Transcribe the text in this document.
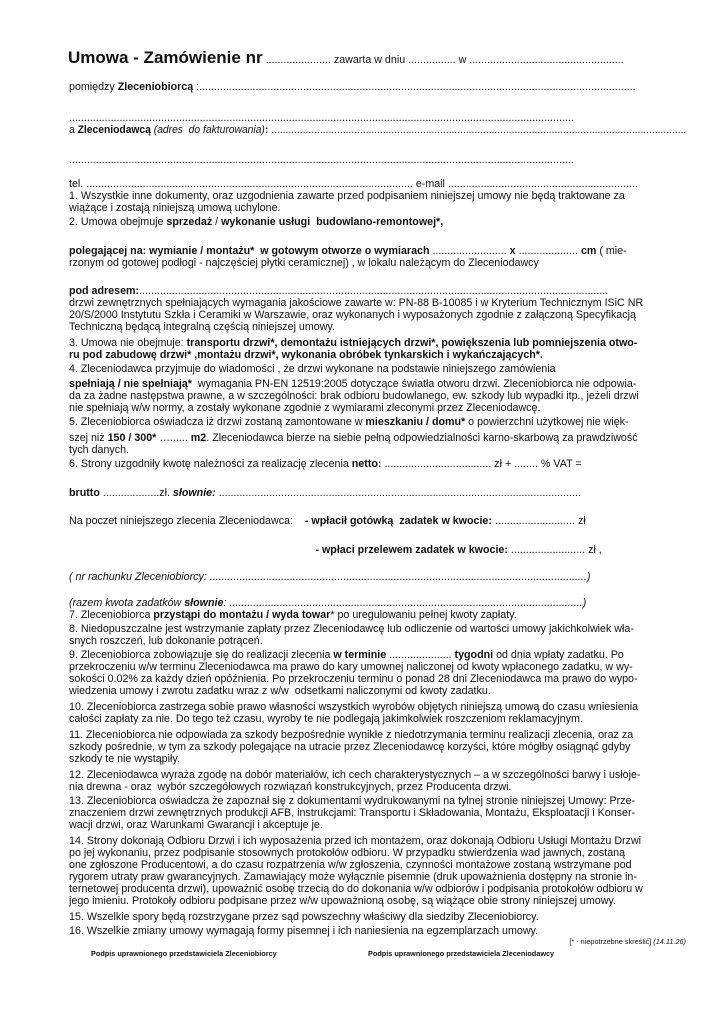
Umowa - Zamówienie nr ...................... zawarta w dniu ................ w ....................................................
pomiędzy Zleceniobiorcą :...................................................................................................................................................
..........................................................................................................................................................................
a Zleceniodawcą (adres  do fakturowania): .................................................................................................................................................
..........................................................................................................................................................................
tel. .............................................................................................................. e-mail ................................................................
1. Wszystkie inne dokumenty, oraz uzgodnienia zawarte przed podpisaniem niniejszej umowy nie będą traktowane za
wiążące i zostają niniejszą umową uchylone.
2. Umowa obejmuje sprzedaż / wykonanie usługi  budowlano-remontowej*,
polegającej na: wymianie / montażu*  w gotowym otworze o wymiarach ......................... x .................... cm ( mie-
rzonym od gotowej podłogi - najczęściej płytki ceramicznej) , w lokalu należącym do Zleceniodawcy
pod adresem:..............................................................................................................................................................
drzwi zewnętrznych spełniających wymagania jakościowe zawarte w: PN-88 B-10085 i w Kryterium Technicznym ISiC NR
20/S/2000 Instytutu Szkła i Ceramiki w Warszawie, oraz wykonanych i wyposażonych zgodnie z załączoną Specyfikacją
Techniczną będącą integralną częścią niniejszej umowy.
3. Umowa nie obejmuje: transportu drzwi*, demontażu istniejących drzwi*, powiększenia lub pomniejszenia otwo-
ru pod zabudowę drzwi* ,montażu drzwi*, wykonania obróbek tynkarskich i wykańczających*.
4. Zleceniodawca przyjmuje do wiadomości , że drzwi wykonane na podstawie niniejszego zamówienia
spełniają / nie spełniają*  wymagania PN-EN 12519:2005 dotyczące światła otworu drzwi. Zleceniobiorca nie odpowia-
da za żadne następstwa prawne, a w szczególności: brak odbioru budowlanego, ew. szkody lub wypadki itp., jeżeli drzwi
nie spełniają w/w normy, a zostały wykonane zgodnie z wymiarami zleconymi przez Zleceniodawcę.
5. Zleceniobiorca oświadcza iż drzwi zostaną zamontowane w mieszkaniu / domu* o powierzchni użytkowej nie więk-
szej niż 150 / 300* …...... m2. Zleceniodawca bierze na siebie pełną odpowiedzialności karno-skarbową za prawdziwość
tych danych.
6. Strony uzgodniły kwotę należności za realizację zlecenia netto: .................................... zł + ........ % VAT =
brutto ...................zł. słownie: ..........................................................................................................................
Na poczet niniejszego zlecenia Zleceniodawca:    - wpłacił gotówką  zadatek w kwocie: ........................... zł
- wpłaci przelewem zadatek w kwocie: ......................... zł ,
( nr rachunku Zleceniobiorcy: ...............................................................................................................................)
(razem kwota zadatków słownie: .......................................................................................................................)
7. Zleceniobiorca przystąpi do montażu / wyda towar* po uregulowaniu pełnej kwoty zapłaty.
8. Niedopuszczalne jest wstrzymanie zapłaty przez Zleceniodawcę lub odliczenie od wartości umowy jakichkolwiek wła-
snych roszczeń, lub dokonanie potrąceń.
9. Zleceniobiorca zobowiązuje się do realizacji zlecenia w terminie ..................... tygodni od dnia wpłaty zadatku. Po
przekroczeniu w/w terminu Zleceniodawca ma prawo do kary umownej naliczonej od kwoty wpłaconego zadatku, w wy-
sokości 0.02% za każdy dzień opóźnienia. Po przekroczeniu terminu o ponad 28 dni Zleceniodawca ma prawo do wypo-
wiedzenia umowy i zwrotu zadatku wraz z w/w  odsetkami naliczonymi od kwoty zadatku.
10. Zleceniobiorca zastrzega sobie prawo własności wszystkich wyrobów objętych niniejszą umową do czasu wniesienia
całości zapłaty za nie. Do tego też czasu, wyroby te nie podlegają jakimkolwiek roszczeniom reklamacyjnym.
11. Zleceniobiorca nie odpowiada za szkody bezpośrednie wynikłe z niedotrzymania terminu realizacji zlecenia, oraz za
szkody pośrednie, w tym za szkody polegające na utracie przez Zleceniodawcę korzyści, które mógłby osiągnąć gdyby
szkody te nie wystąpiły.
12. Zleceniodawca wyraża zgodę na dobór materiałów, ich cech charakterystycznych – a w szczególności barwy i usłoje-
nia drewna - oraz  wybór szczegółowych rozwiązań konstrukcyjnych, przez Producenta drzwi.
13. Zleceniobiorca oświadcza że zapoznał się z dokumentami wydrukowanymi na tylnej stronie niniejszej Umowy: Prze-
znaczeniem drzwi zewnętrznych produkcji AFB, instrukcjami: Transportu i Składowania, Montażu, Eksploatacji i Konser-
wacji drzwi, oraz Warunkami Gwarancji i akceptuje je.
14. Strony dokonają Odbioru Drzwi i ich wyposażenia przed ich montażem, oraz dokonają Odbioru Usługi Montażu Drzwi
po jej wykonaniu, przez podpisanie stosownych protokołów odbioru. W przypadku stwierdzenia wad jawnych, zostaną
one zgłoszone Producentowi, a do czasu rozpatrzenia w/w zgłoszenia, czynności montażowe zostaną wstrzymane pod
rygorem utraty praw gwarancyjnych. Zamawiający może wyłącznie pisemnie (druk upoważnienia dostępny na stronie in-
ternetowej producenta drzwi), upoważnić osobę trzecią do do dokonania w/w odbiorów i podpisania protokołów odbioru w
jego imieniu. Protokoły odbioru podpisane przez w/w upoważnioną osobę, są wiążące obie strony niniejszej umowy.
15. Wszelkie spory będą rozstrzygane przez sąd powszechny właściwy dla siedziby Zleceniobiorcy.
16. Wszelkie zmiany umowy wymagają formy pisemnej i ich naniesienia na egzemplarzach umowy.
[* - niepotrzebne skreślić] (14.11.26)
Podpis uprawnionego przedstawiciela Zleceniobiorcy	Podpis uprawnionego przedstawiciela Zleceniodawcy
